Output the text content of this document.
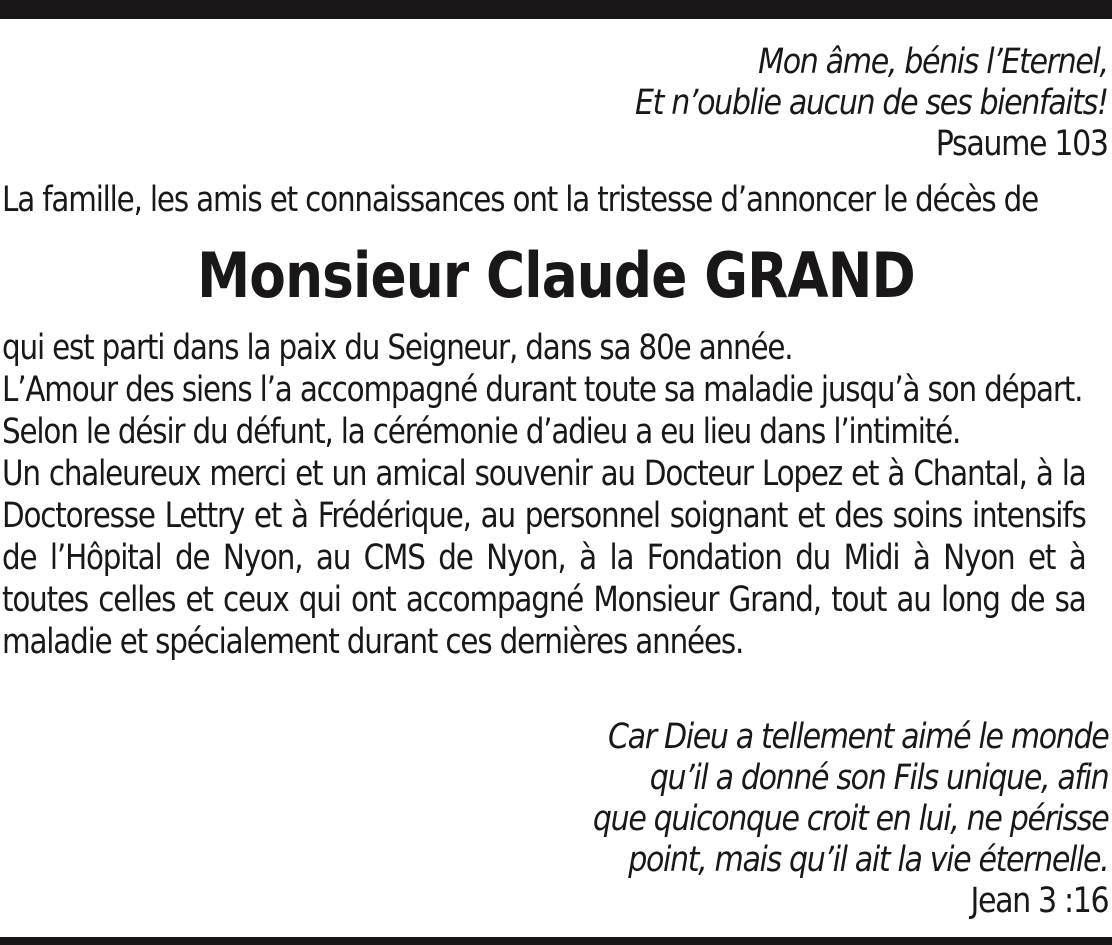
Mon âme, bénis l’Eternel,
Et n’oublie aucun de ses bienfaits!
Psaume 103
La famille, les amis et connaissances ont la tristesse d’annoncer le décès de
Monsieur Claude GRAND

qui est parti dans la paix du Seigneur, dans sa 80e année.

L’Amour des siens l’a accompagné durant toute sa maladie jusqu’à son départ.

Selon le désir du défunt, la cérémonie d’adieu a eu lieu dans l’intimité.

Un chaleureux merci et un amical souvenir au Docteur Lopez et à Chantal, à la Doctoresse Lettry et à Frédérique, au personnel soignant et des soins intensifs de l’Hôpital de Nyon, au CMS de Nyon, à la Fondation du Midi à Nyon et à toutes celles et ceux qui ont accompagné Monsieur Grand, tout au long de sa maladie et spécialement durant ces dernières années.

Car Dieu a tellement aimé le monde
qu’il a donné son Fils unique, afin
que quiconque croit en lui, ne périsse
point, mais qu’il ait la vie éternelle.
Jean 3 :16
